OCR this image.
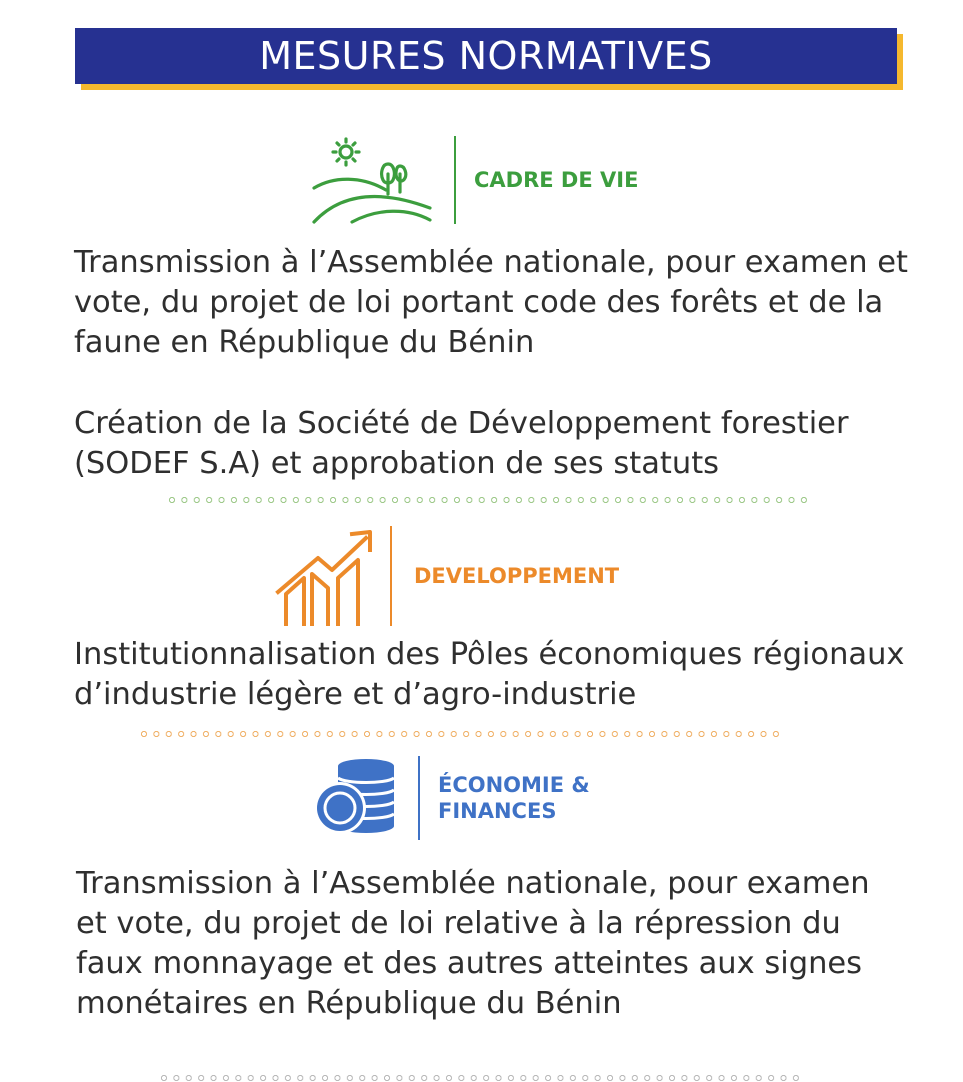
MESURES NORMATIVES
CADRE DE VIE

Transmission à l’Assemblée nationale, pour examen et vote, du projet de loi portant code des forêts et de la faune en République du Bénin

Création de la Société de Développement forestier (SODEF S.A) et approbation de ses statuts

DEVELOPPEMENT

Institutionnalisation des Pôles économiques régionaux d’industrie légère et d’agro-industrie

ÉCONOMIE &
FINANCES

Transmission à l’Assemblée nationale, pour examen et vote, du projet de loi relative à la répression du faux monnayage et des autres atteintes aux signes monétaires en République du Bénin
